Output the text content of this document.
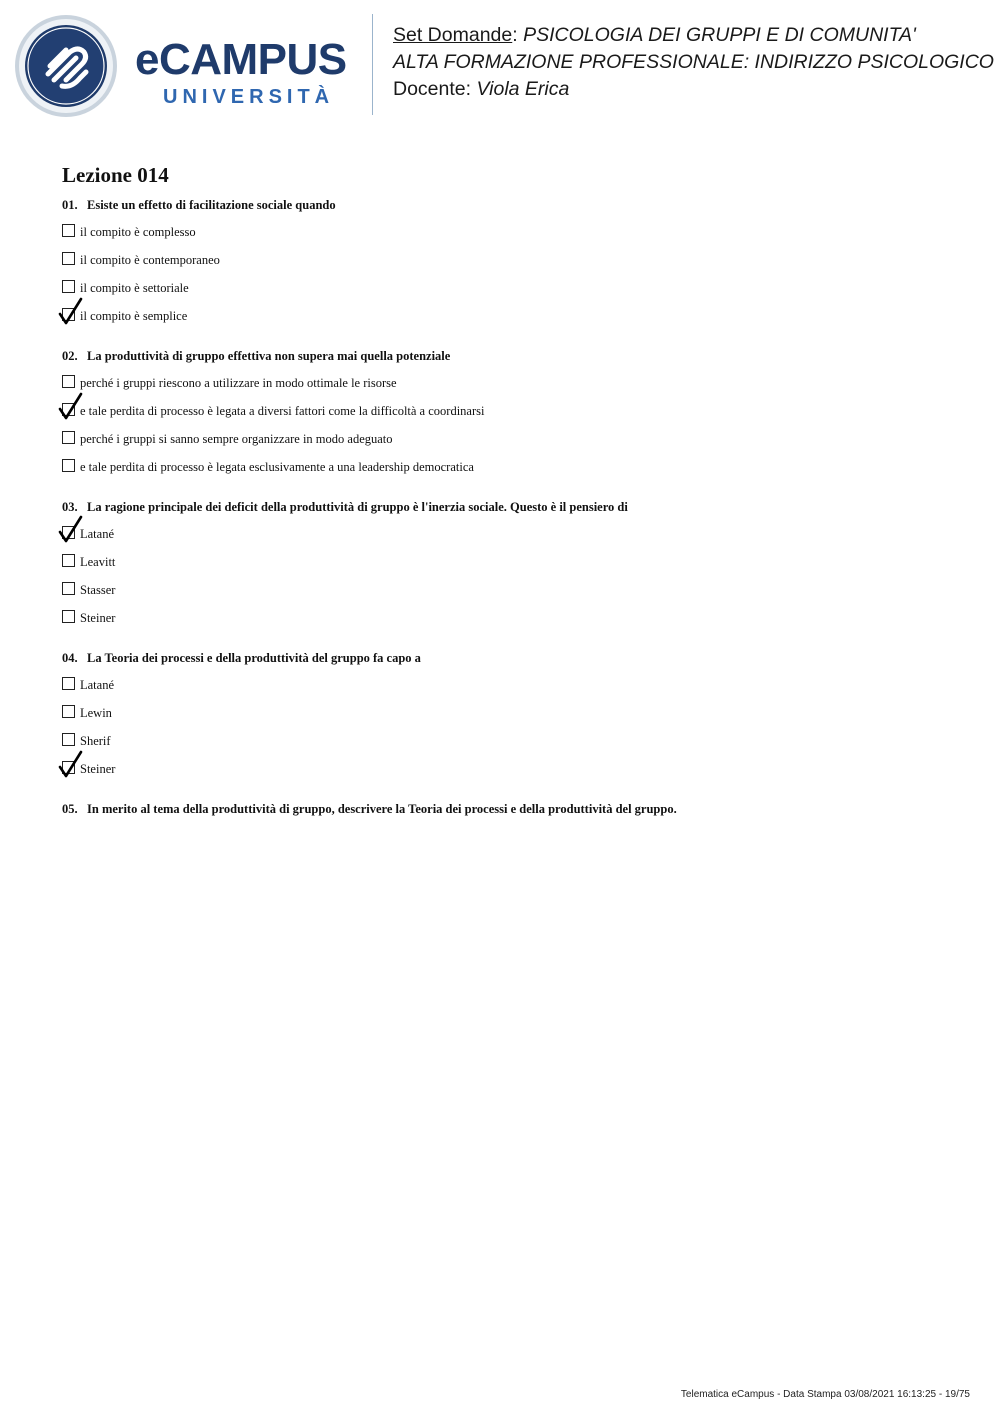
eCAMPUS
UNIVERSITÀ
Set Domande: PSICOLOGIA DEI GRUPPI E DI COMUNITA'
ALTA FORMAZIONE PROFESSIONALE: INDIRIZZO PSICOLOGICO
Docente: Viola Erica
Lezione 014
01. Esiste un effetto di facilitazione sociale quando
il compito è complesso
il compito è contemporaneo
il compito è settoriale
il compito è semplice
02. La produttività di gruppo effettiva non supera mai quella potenziale
perché i gruppi riescono a utilizzare in modo ottimale le risorse
e tale perdita di processo è legata a diversi fattori come la difficoltà a coordinarsi
perché i gruppi si sanno sempre organizzare in modo adeguato
e tale perdita di processo è legata esclusivamente a una leadership democratica
03. La ragione principale dei deficit della produttività di gruppo è l'inerzia sociale. Questo è il pensiero di
Latané
Leavitt
Stasser
Steiner
04. La Teoria dei processi e della produttività del gruppo fa capo a
Latané
Lewin
Sherif
Steiner
05. In merito al tema della produttività di gruppo, descrivere la Teoria dei processi e della produttività del gruppo.
Telematica eCampus - Data Stampa 03/08/2021 16:13:25 - 19/75
